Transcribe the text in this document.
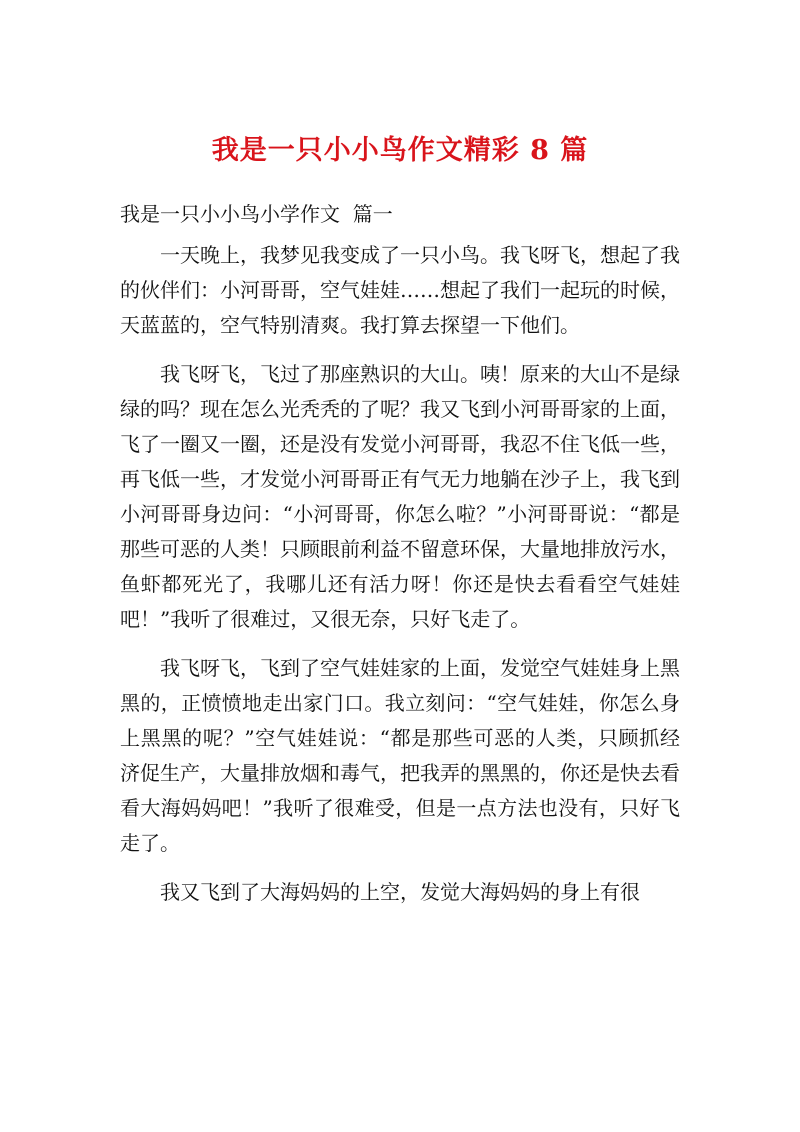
我是一只小小鸟作文精彩 8 篇
我是一只小小鸟小学作文  篇一

一天晚上，我梦见我变成了一只小鸟。我飞呀飞，想起了我的伙伴们：小河哥哥，空气娃娃……想起了我们一起玩的时候，天蓝蓝的，空气特别清爽。我打算去探望一下他们。

我飞呀飞，飞过了那座熟识的大山。咦！原来的大山不是绿绿的吗？现在怎么光秃秃的了呢？我又飞到小河哥哥家的上面，飞了一圈又一圈，还是没有发觉小河哥哥，我忍不住飞低一些，再飞低一些，才发觉小河哥哥正有气无力地躺在沙子上，我飞到小河哥哥身边问：“小河哥哥，你怎么啦？”小河哥哥说：“都是那些可恶的人类！只顾眼前利益不留意环保，大量地排放污水，鱼虾都死光了，我哪儿还有活力呀！你还是快去看看空气娃娃吧！”我听了很难过，又很无奈，只好飞走了。

我飞呀飞，飞到了空气娃娃家的上面，发觉空气娃娃身上黑黑的，正愤愤地走出家门口。我立刻问：“空气娃娃，你怎么身上黑黑的呢？”空气娃娃说：“都是那些可恶的人类，只顾抓经济促生产，大量排放烟和毒气，把我弄的黑黑的，你还是快去看看大海妈妈吧！”我听了很难受，但是一点方法也没有，只好飞走了。

我又飞到了大海妈妈的上空，发觉大海妈妈的身上有很
